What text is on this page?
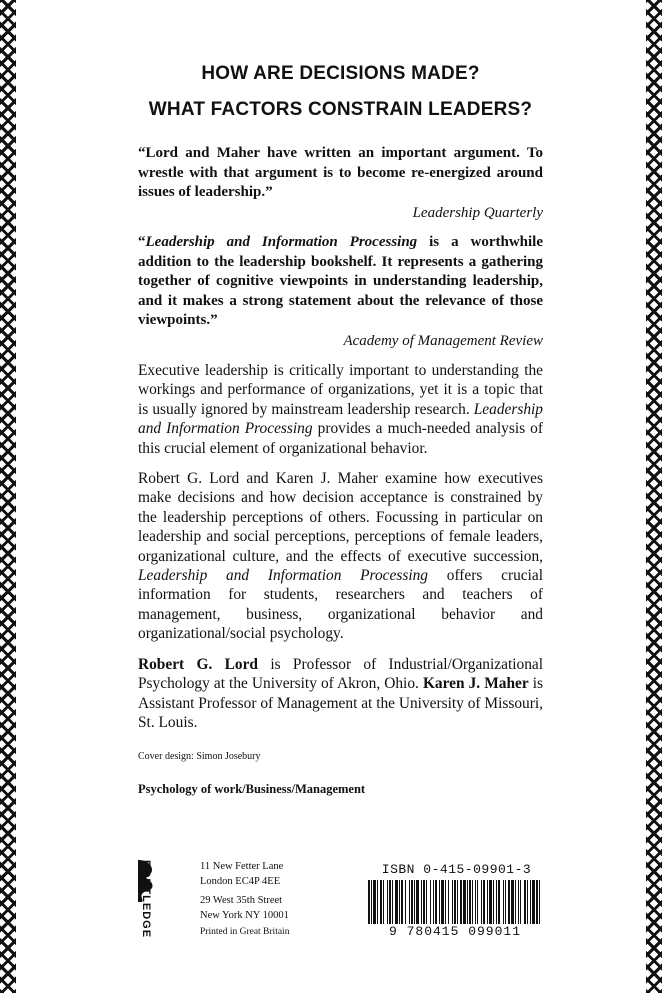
HOW ARE DECISIONS MADE?

WHAT FACTORS CONSTRAIN LEADERS?

“Lord and Maher have written an important argument. To wrestle with that argument is to become re-energized around issues of leadership.”

Leadership Quarterly

“Leadership and Information Processing is a worthwhile addition to the leadership bookshelf. It represents a gathering together of cognitive viewpoints in understanding leadership, and it makes a strong statement about the relevance of those viewpoints.”

Academy of Management Review

Executive leadership is critically important to understanding the workings and performance of organizations, yet it is a topic that is usually ignored by mainstream leadership research. Leadership and Information Processing provides a much-needed analysis of this crucial element of organizational behavior.

Robert G. Lord and Karen J. Maher examine how executives make decisions and how decision acceptance is constrained by the leadership perceptions of others. Focussing in particular on leadership and social perceptions, perceptions of female leaders, organizational culture, and the effects of executive succession, Leadership and Information Processing offers crucial information for students, researchers and teachers of management, business, organizational behavior and organizational/social psychology.

Robert G. Lord is Professor of Industrial/Organizational Psychology at the University of Akron, Ohio. Karen J. Maher is Assistant Professor of Management at the University of Missouri, St. Louis.

Cover design: Simon Josebury

Psychology of work/Business/Management

ROUTLEDGE	11 New Fetter Lane
London EC4P 4EE
29 West 35th Street
New York NY 10001
Printed in Great Britain
ISBN 0-415-09901-3
9 780415 099011
